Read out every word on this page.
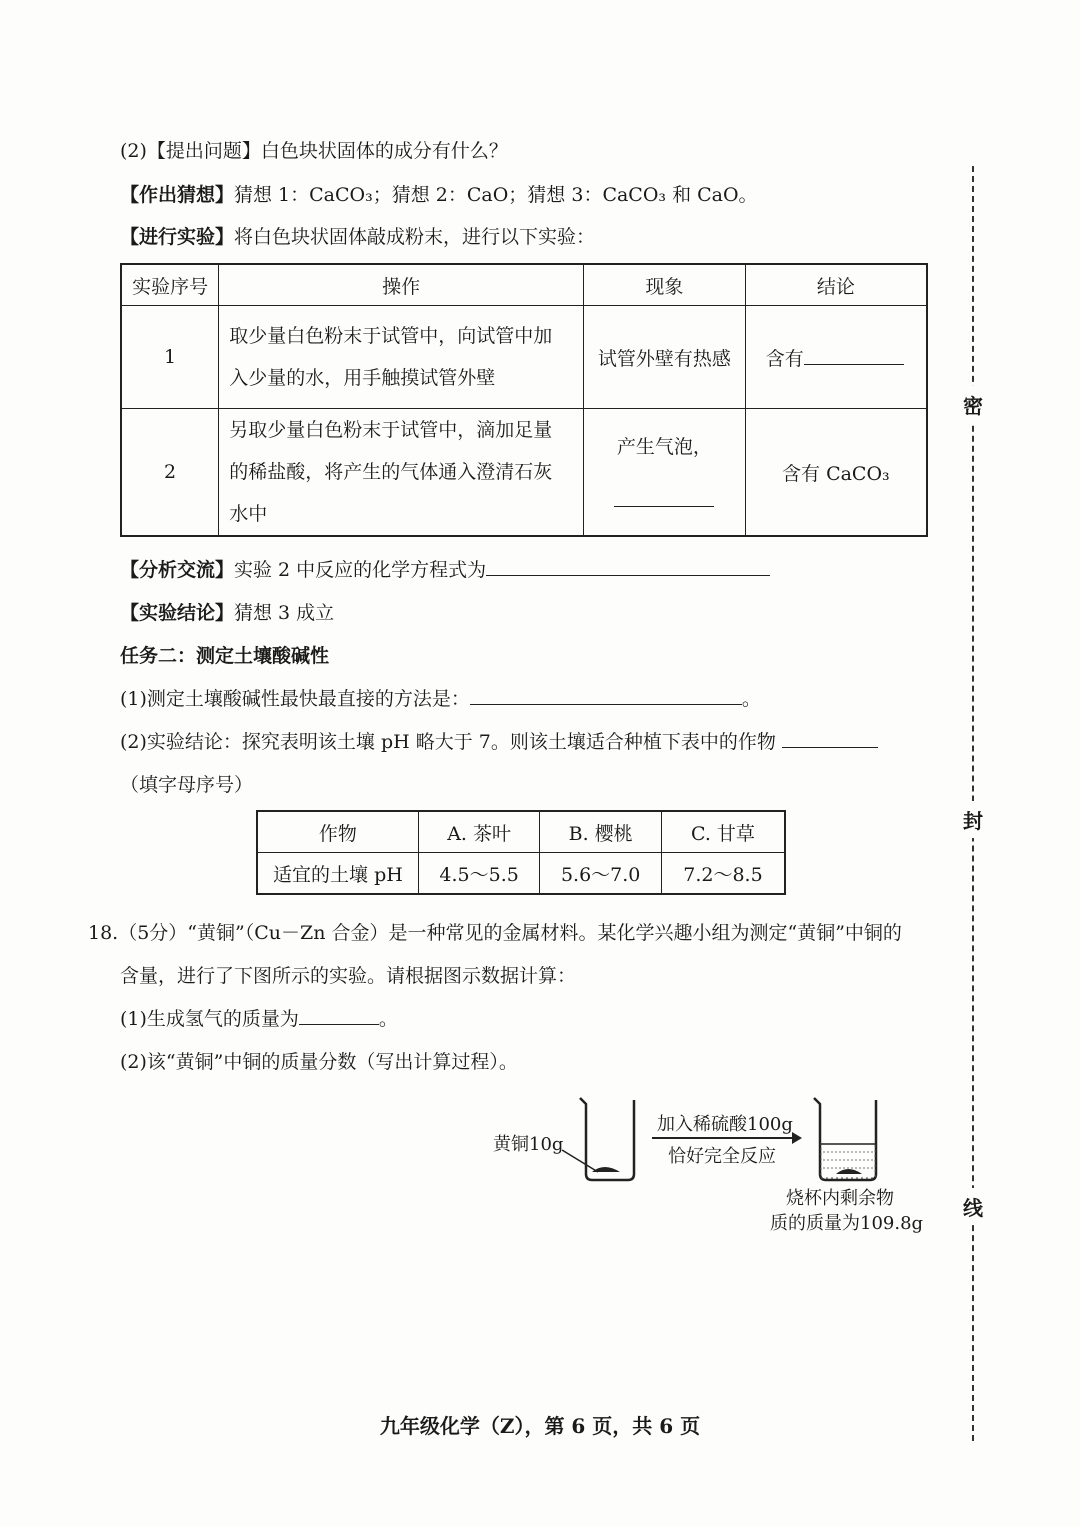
(2)【提出问题】白色块状固体的成分有什么？
【作出猜想】猜想 1：CaCO₃；猜想 2：CaO；猜想 3：CaCO₃ 和 CaO。
【进行实验】将白色块状固体敲成粉末，进行以下实验：
实验序号	操作	现象	结论
1	取少量白色粉末于试管中，向试管中加
入少量的水，用手触摸试管外壁	试管外壁有热感	含有
2	另取少量白色粉末于试管中，滴加足量
的稀盐酸，将产生的气体通入澄清石灰
水中	产生气泡，	含有 CaCO₃
【分析交流】实验 2 中反应的化学方程式为
【实验结论】猜想 3 成立
任务二：测定土壤酸碱性
(1)测定土壤酸碱性最快最直接的方法是：	。
(2)实验结论：探究表明该土壤 pH 略大于 7。则该土壤适合种植下表中的作物
（填字母序号）
作物	A. 茶叶	B. 樱桃	C. 甘草
适宜的土壤 pH	4.5～5.5	5.6～7.0	7.2～8.5
18.（5分）“黄铜”（Cu－Zn 合金）是一种常见的金属材料。某化学兴趣小组为测定“黄铜”中铜的
含量，进行了下图所示的实验。请根据图示数据计算：
(1)生成氢气的质量为	。
(2)该“黄铜”中铜的质量分数（写出计算过程）。
黄铜10g
加入稀硫酸100g
恰好完全反应
烧杯内剩余物
质的质量为109.8g
密
封
线
九年级化学（Z），第 6 页，共 6 页
